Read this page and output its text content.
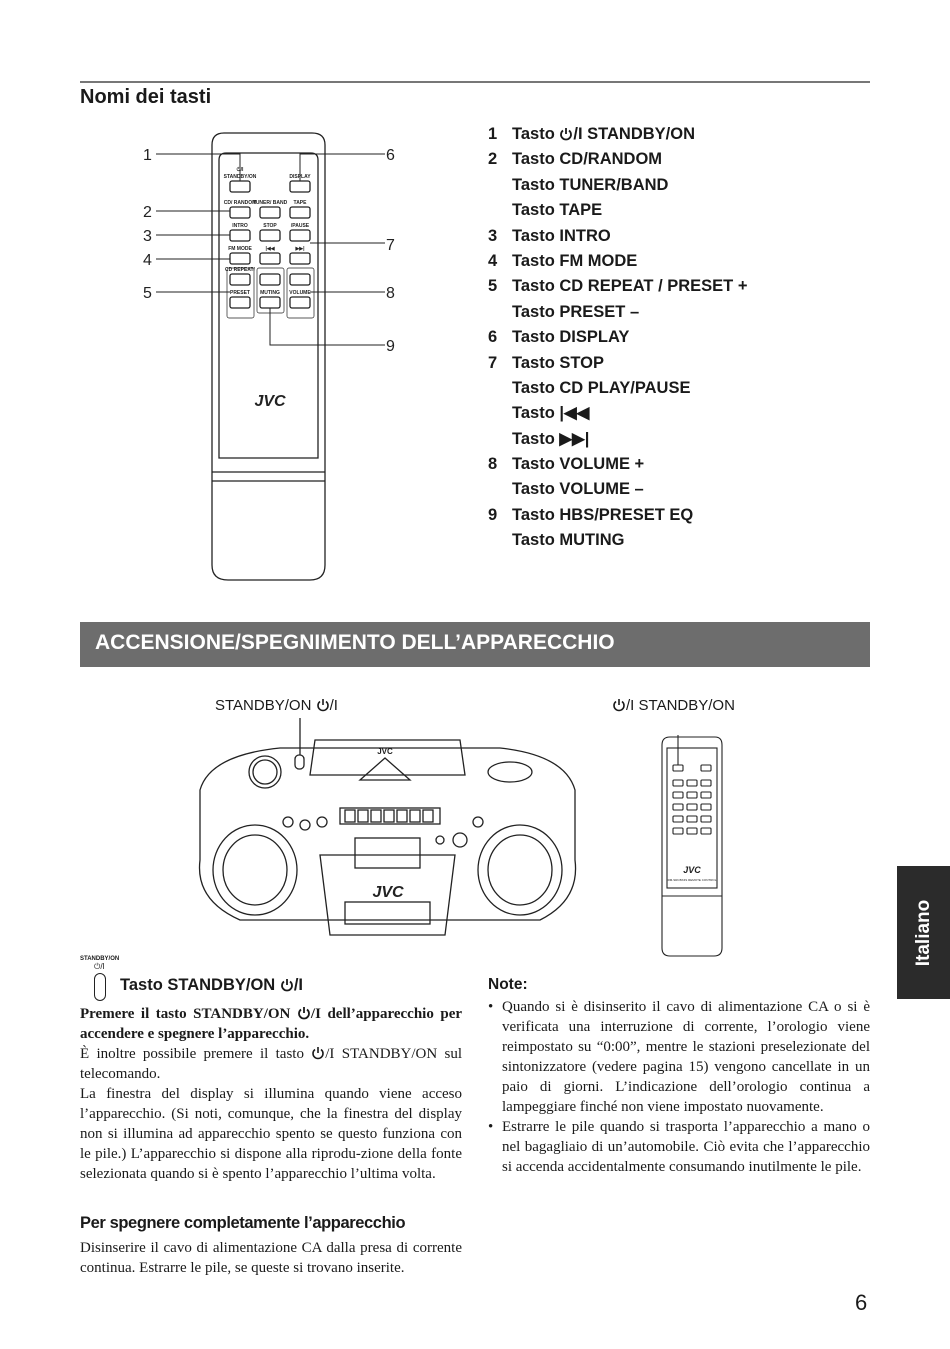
Nomi dei tasti
⏻/I
STANDBY/ON	DISPLAY
CD/ RANDOM
TUNER/ BAND TAPE
INTRO	STOP	/PAUSE
FM MODE	|◀◀	▶▶|
CD REPEAT/
PRESET MUTING VOLUME
JVC
1
2
3
4
5
6
7
8
9
1 Tasto /I STANDBY/ON
2 Tasto CD/RANDOM
Tasto TUNER/BAND
Tasto TAPE
3 Tasto INTRO
4 Tasto FM MODE
5 Tasto CD REPEAT / PRESET +
Tasto PRESET –
6 Tasto DISPLAY
7 Tasto STOP
Tasto CD PLAY/PAUSE
Tasto |◀◀
Tasto ▶▶|
8 Tasto VOLUME +
Tasto VOLUME –
9 Tasto HBS/PRESET EQ
Tasto MUTING
ACCENSIONE/SPEGNIMENTO DELL’APPARECCHIO
STANDBY/ON /I	/I STANDBY/ON
JVC
JVC
JVC
RM-SRCBX4S REMOTE CONTROL
Italiano
STANDBY/ON
⏻/I
Tasto STANDBY/ON /I
Premere il tasto STANDBY/ON /I dell’apparecchio per accendere e spegnere l’apparecchio.
È inoltre possibile premere il tasto /I STANDBY/ON sul telecomando.
La finestra del display si illumina quando viene acceso l’apparecchio. (Si noti, comunque, che la finestra del display non si illumina ad apparecchio spento se questo funziona con le pile.) L’apparecchio si dispone alla riprodu-zione della fonte selezionata quando si è spento l’apparecchio l’ultima volta.
Per spegnere completamente l’apparecchio
Disinserire il cavo di alimentazione CA dalla presa di corrente continua. Estrarre le pile, se queste si trovano inserite.
Note:
• Quando si è disinserito il cavo di alimentazione CA o si è verificata una interruzione di corrente, l’orologio viene reimpostato su “0:00”, mentre le stazioni preselezionate del sintonizzatore (vedere pagina 15) vengono cancellate in un paio di giorni. L’indicazione dell’orologio continua a lampeggiare finché non viene impostato nuovamente.
• Estrarre le pile quando si trasporta l’apparecchio a mano o nel bagagliaio di un’automobile. Ciò evita che l’apparecchio si accenda accidentalmente consumando inutilmente le pile.
6
